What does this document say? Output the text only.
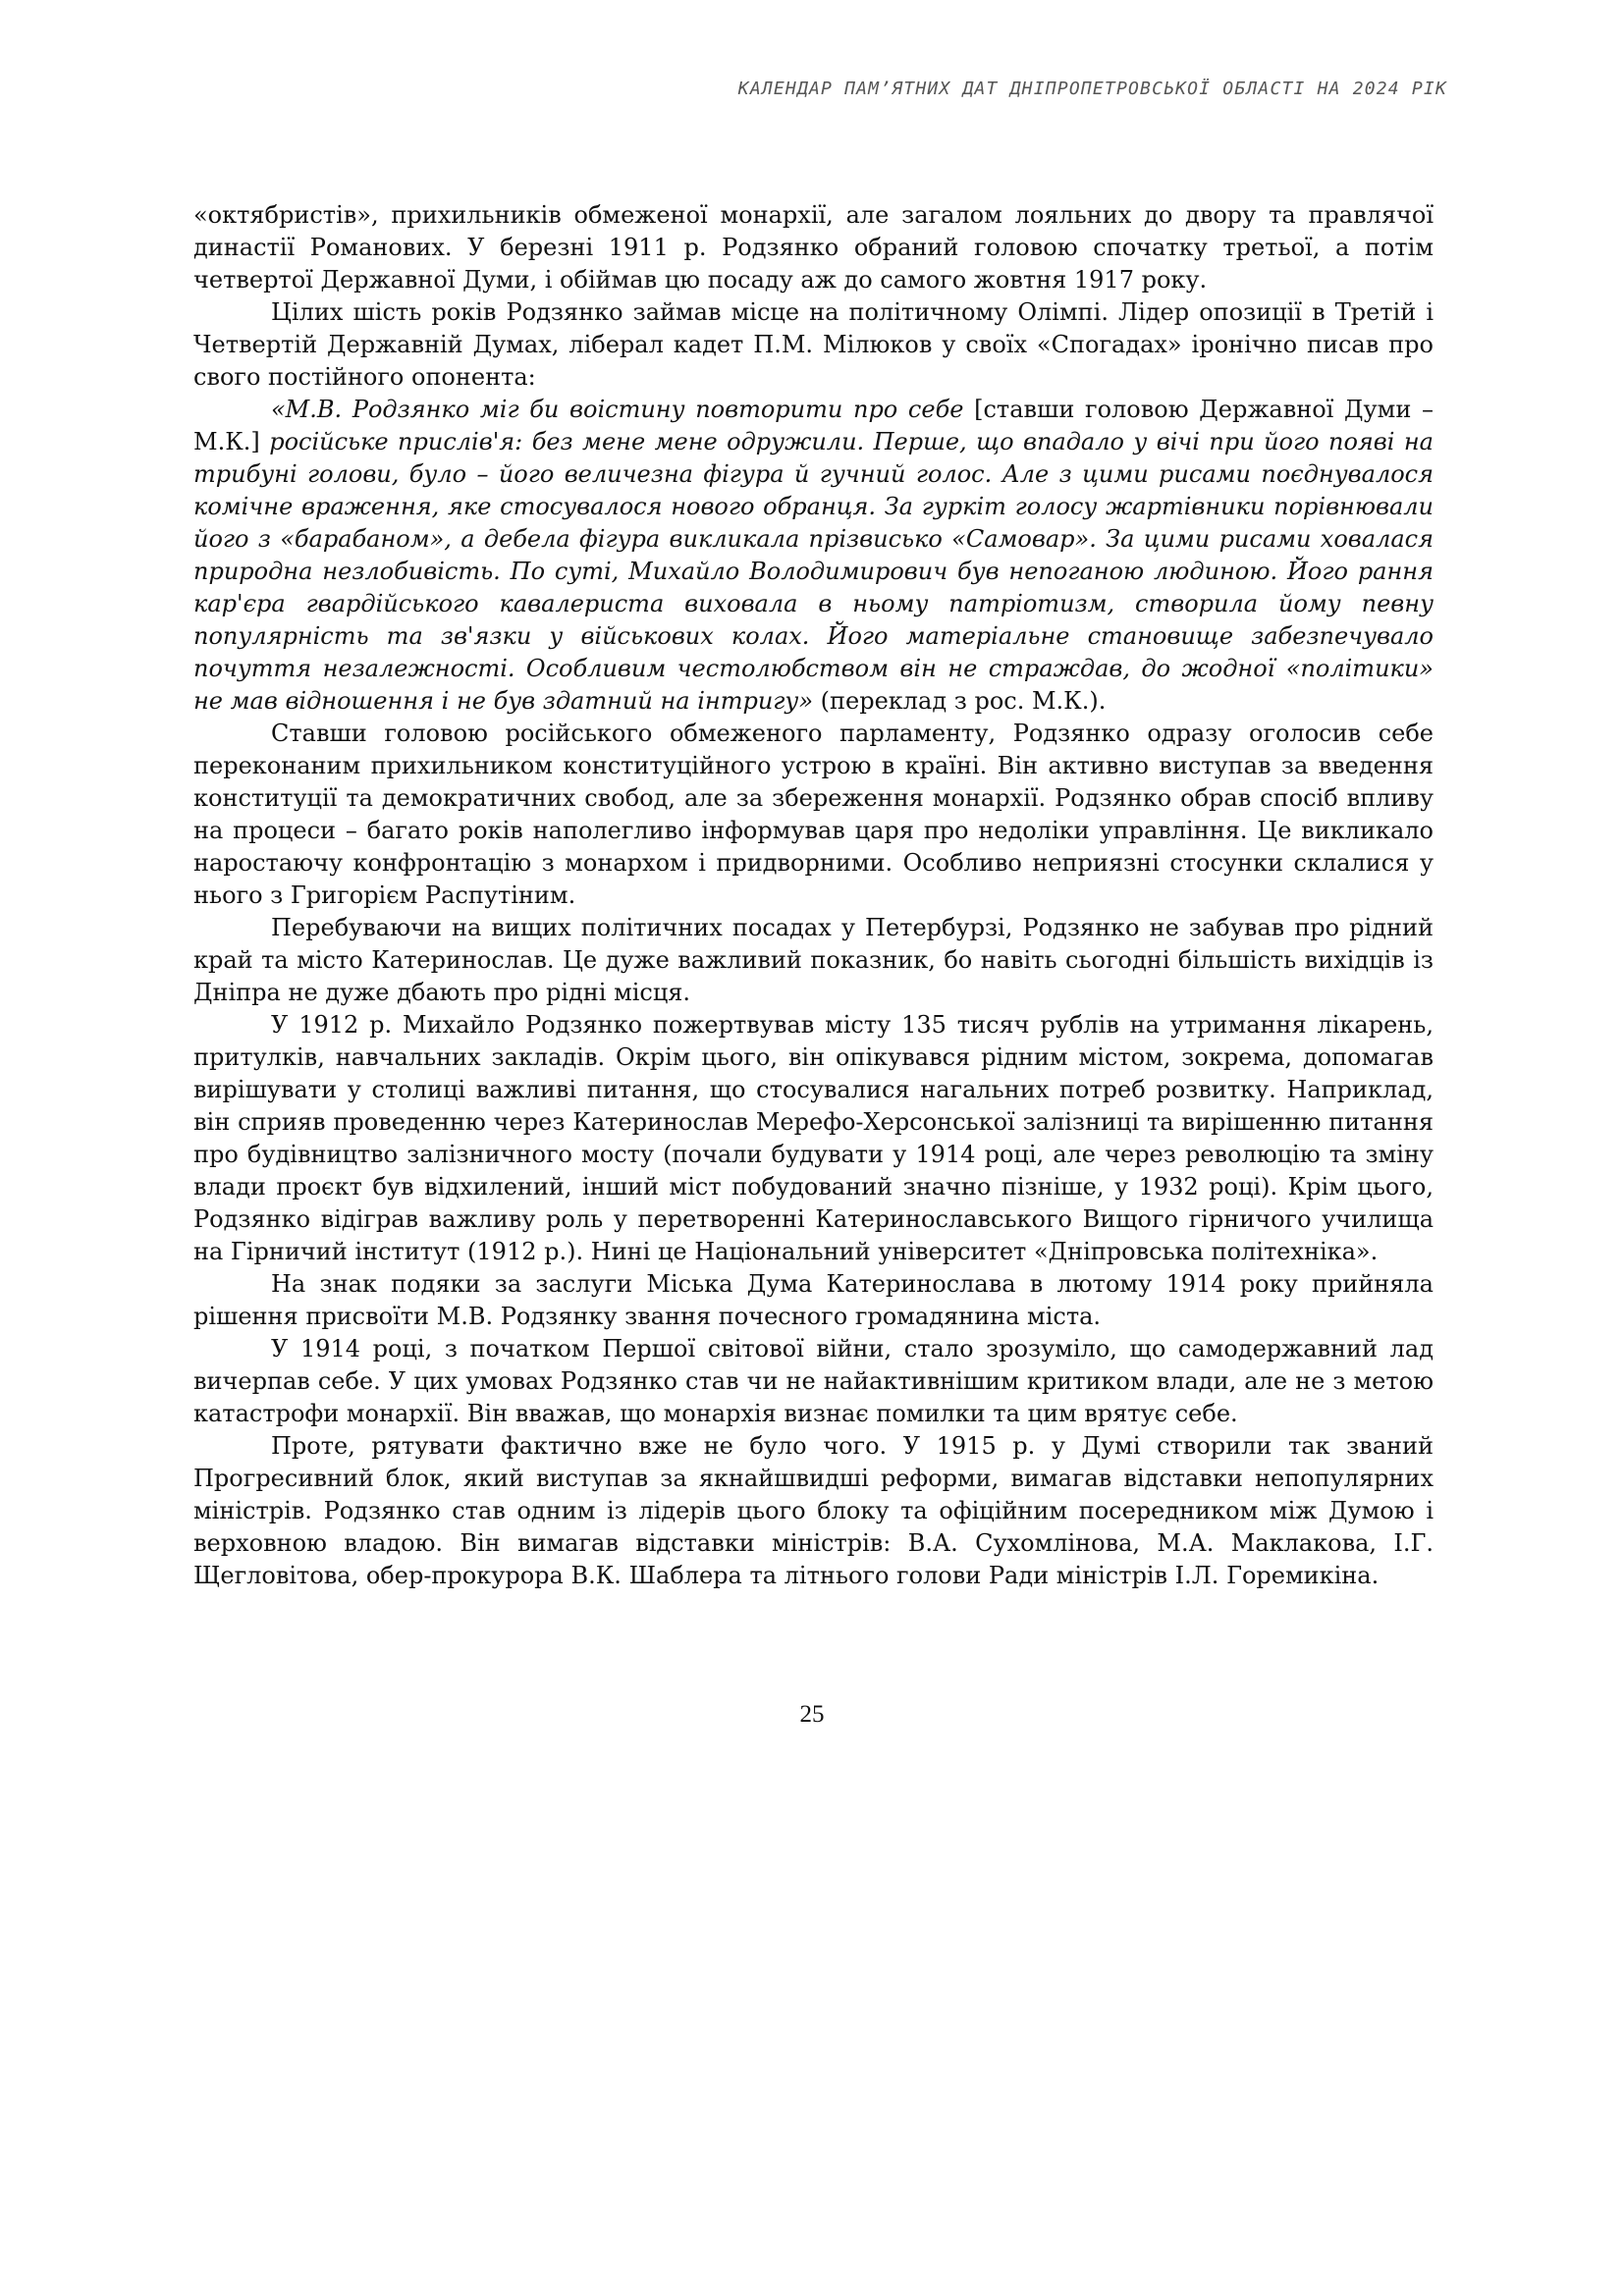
КАЛЕНДАР ПАМ’ЯТНИХ ДАТ ДНІПРОПЕТРОВСЬКОЇ ОБЛАСТІ НА 2024 РІК

«октябристів», прихильників обмеженої монархії, але загалом лояльних до двору та правлячої династії Романових. У березні 1911 р. Родзянко обраний головою спочатку третьої, а потім четвертої Державної Думи, і обіймав цю посаду аж до самого жовтня 1917 року.

Цілих шість років Родзянко займав місце на політичному Олімпі. Лідер опозиції в Третій і Четвертій Державній Думах, ліберал кадет П.М. Мілюков у своїх «Спогадах» іронічно писав про свого постійного опонента:

«М.В. Родзянко міг би воістину повторити про себе [ставши головою Державної Думи – М.К.] російське прислів'я: без мене мене одружили. Перше, що впадало у вічі при його появі на трибуні голови, було – його величезна фігура й гучний голос. Але з цими рисами поєднувалося комічне враження, яке стосувалося нового обранця. За гуркіт голосу жартівники порівнювали його з «барабаном», а дебела фігура викликала прізвисько «Самовар». За цими рисами ховалася природна незлобивість. По суті, Михайло Володимирович був непоганою людиною. Його рання кар'єра гвардійського кавалериста виховала в ньому патріотизм, створила йому певну популярність та зв'язки у військових колах. Його матеріальне становище забезпечувало почуття незалежності. Особливим честолюбством він не страждав, до жодної «політики» не мав відношення і не був здатний на інтригу» (переклад з рос. М.К.).

Ставши головою російського обмеженого парламенту, Родзянко одразу оголосив себе переконаним прихильником конституційного устрою в країні. Він активно виступав за введення конституції та демократичних свобод, але за збереження монархії. Родзянко обрав спосіб впливу на процеси – багато років наполегливо інформував царя про недоліки управління. Це викликало наростаючу конфронтацію з монархом і придворними. Особливо неприязні стосунки склалися у нього з Григорієм Распутіним.

Перебуваючи на вищих політичних посадах у Петербурзі, Родзянко не забував про рідний край та місто Катеринослав. Це дуже важливий показник, бо навіть сьогодні більшість вихідців із Дніпра не дуже дбають про рідні місця.

У 1912 р. Михайло Родзянко пожертвував місту 135 тисяч рублів на утримання лікарень, притулків, навчальних закладів. Окрім цього, він опікувався рідним містом, зокрема, допомагав вирішувати у столиці важливі питання, що стосувалися нагальних потреб розвитку. Наприклад, він сприяв проведенню через Катеринослав Мерефо-Херсонської залізниці та вирішенню питання про будівництво залізничного мосту (почали будувати у 1914 році, але через революцію та зміну влади проєкт був відхилений, інший міст побудований значно пізніше, у 1932 році). Крім цього, Родзянко відіграв важливу роль у перетворенні Катеринославського Вищого гірничого училища на Гірничий інститут (1912 р.). Нині це Національний університет «Дніпровська політехніка».

На знак подяки за заслуги Міська Дума Катеринослава в лютому 1914 року прийняла рішення присвоїти М.В. Родзянку звання почесного громадянина міста.

У 1914 році, з початком Першої світової війни, стало зрозуміло, що самодержавний лад вичерпав себе. У цих умовах Родзянко став чи не найактивнішим критиком влади, але не з метою катастрофи монархії. Він вважав, що монархія визнає помилки та цим врятує себе.

Проте, рятувати фактично вже не було чого. У 1915 р. у Думі створили так званий Прогресивний блок, який виступав за якнайшвидші реформи, вимагав відставки непопулярних міністрів. Родзянко став одним із лідерів цього блоку та офіційним посередником між Думою і верховною владою. Він вимагав відставки міністрів: В.А. Сухомлінова, М.А. Маклакова, І.Г. Щегловітова, обер-прокурора В.К. Шаблера та літнього голови Ради міністрів І.Л. Горемикіна.

25
